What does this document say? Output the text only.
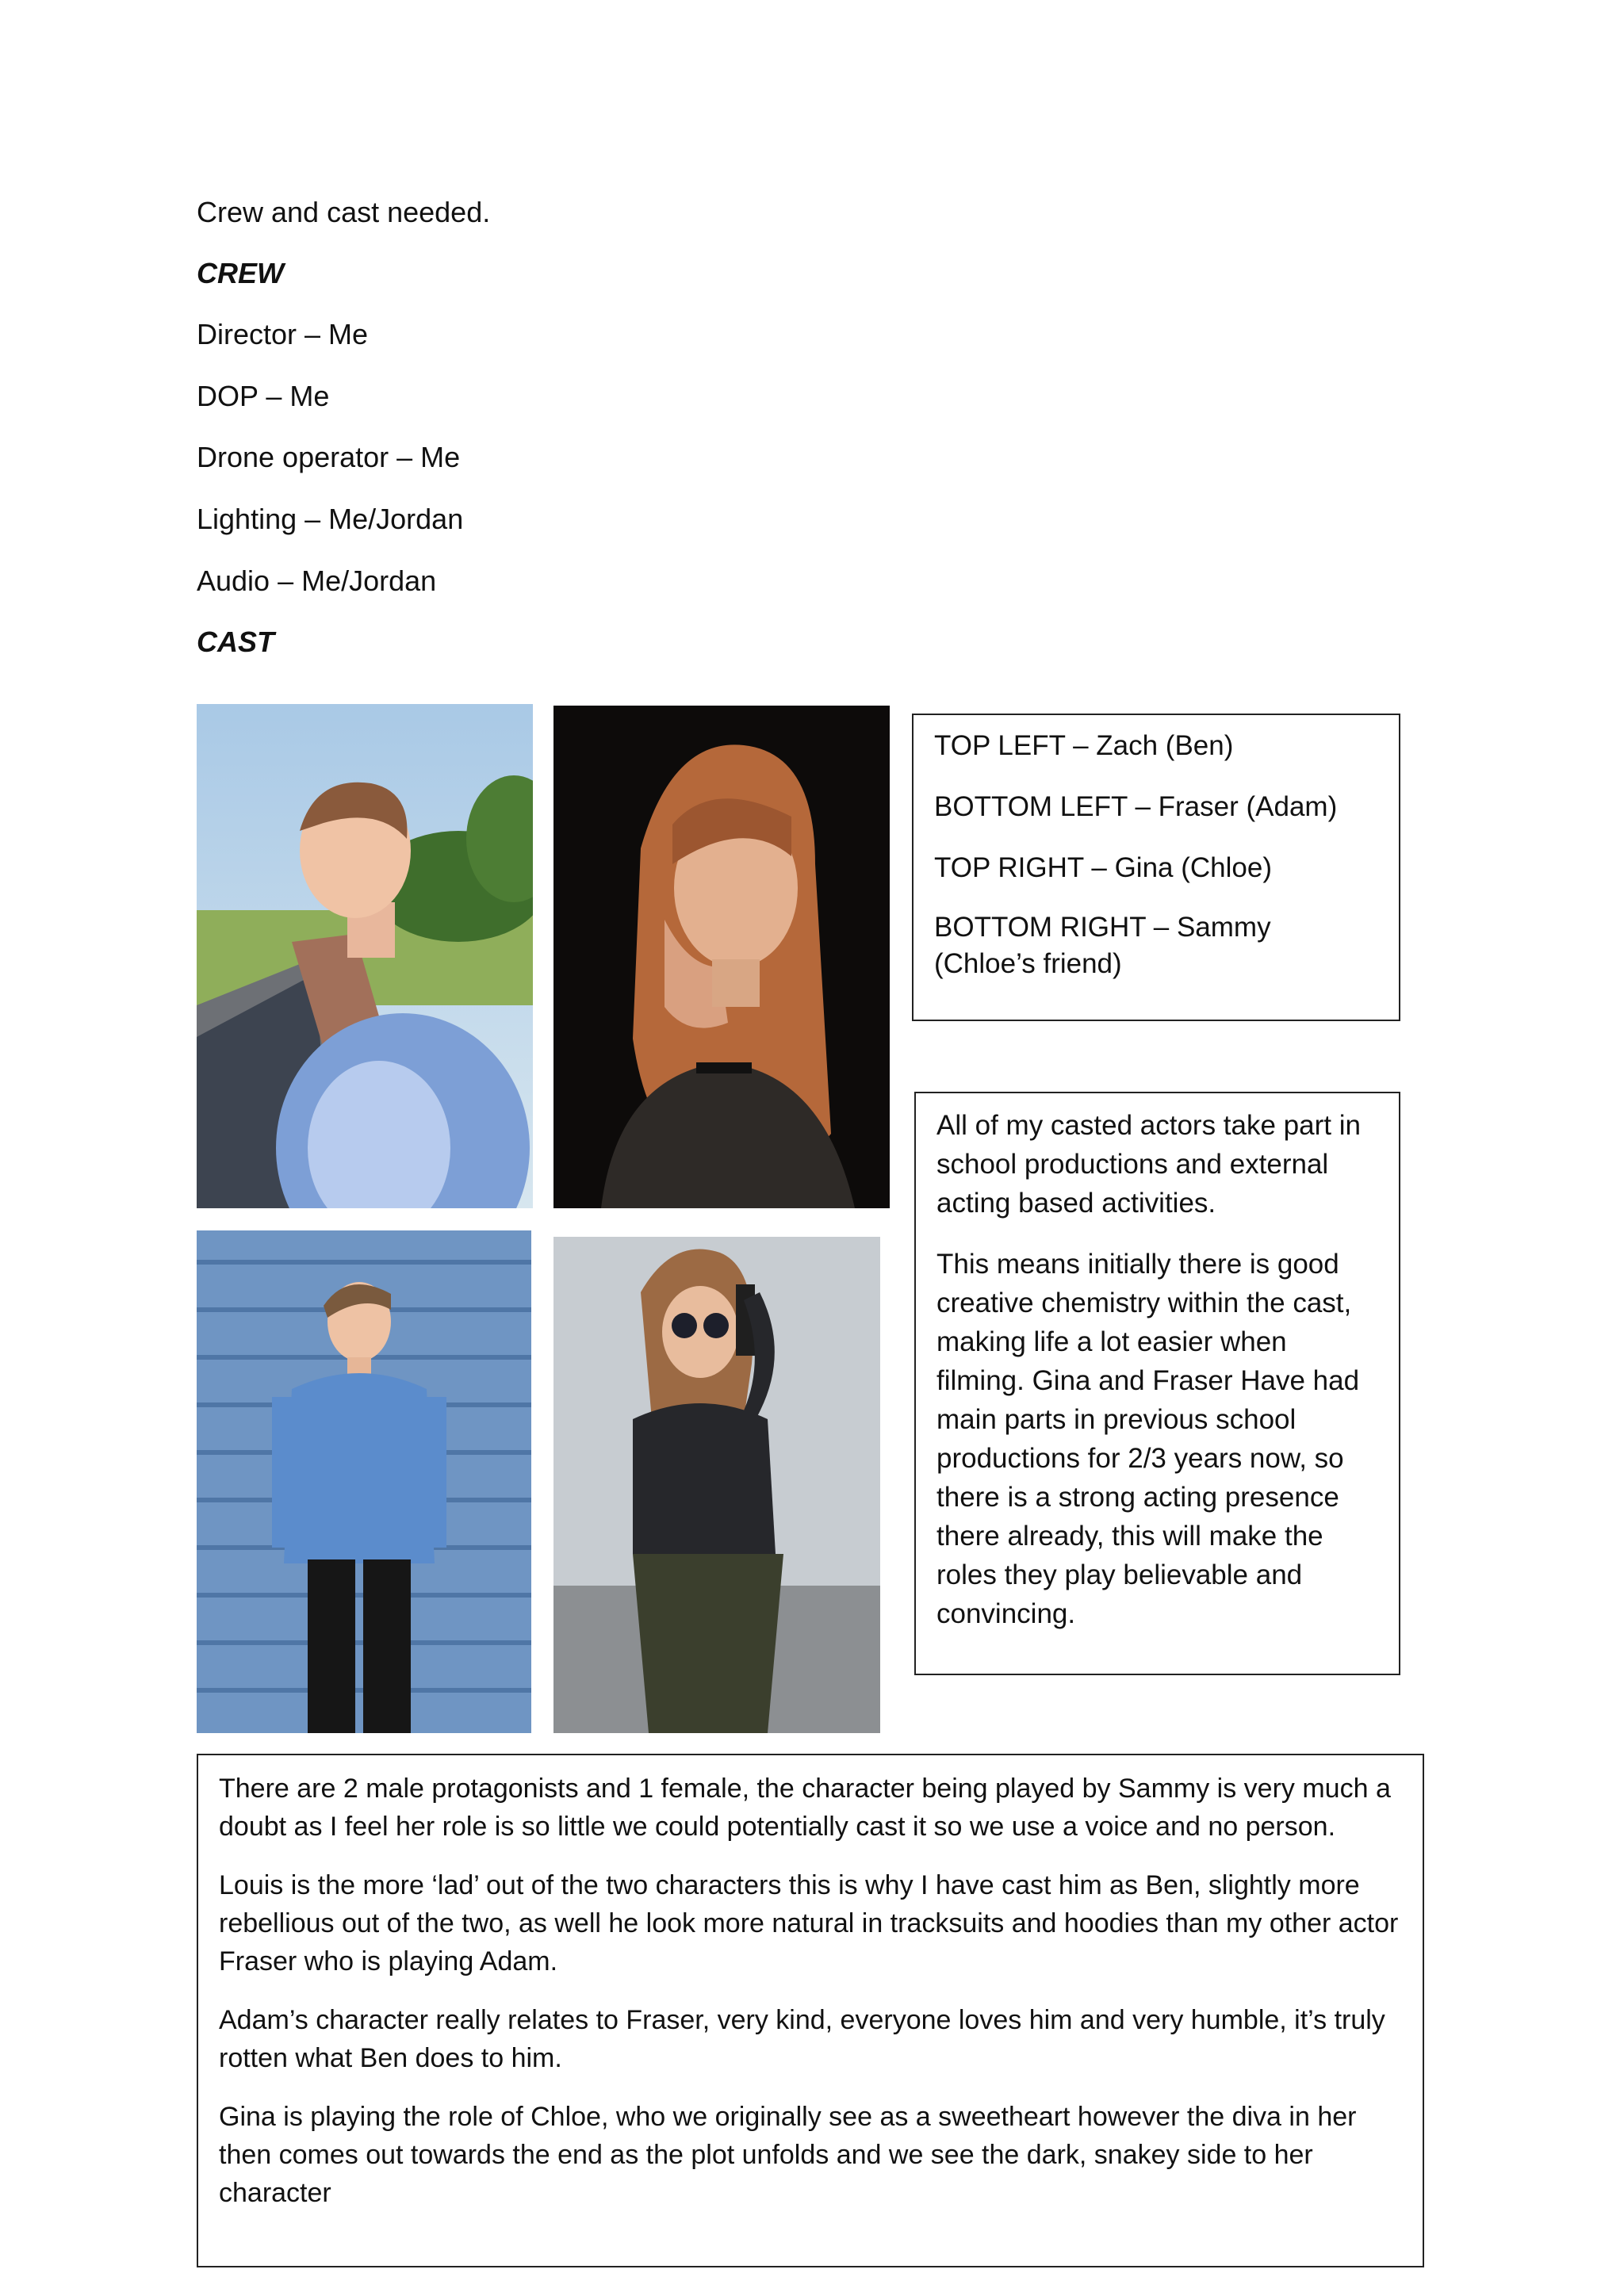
Crew and cast needed.
CREW
Director – Me
DOP – Me
Drone operator – Me
Lighting – Me/Jordan
Audio – Me/Jordan
CAST

TOP LEFT – Zach (Ben)

BOTTOM LEFT – Fraser (Adam)

TOP RIGHT – Gina (Chloe)

BOTTOM RIGHT – Sammy (Chloe’s friend)

All of my casted actors take part in school productions and external acting based activities.

This means initially there is good creative chemistry within the cast, making life a lot easier when filming. Gina and Fraser Have had main parts in previous school productions for 2/3 years now, so there is a strong acting presence there already, this will make the roles they play believable and convincing.

There are 2 male protagonists and 1 female, the character being played by Sammy is very much a doubt as I feel her role is so little we could potentially cast it so we use a voice and no person.

Louis is the more ‘lad’ out of the two characters this is why I have cast him as Ben, slightly more rebellious out of the two, as well he look more natural in tracksuits and hoodies than my other actor Fraser who is playing Adam.

Adam’s character really relates to Fraser, very kind, everyone loves him and very humble, it’s truly rotten what Ben does to him.

Gina is playing the role of Chloe, who we originally see as a sweetheart however the diva in her then comes out towards the end as the plot unfolds and we see the dark, snakey side to her character
